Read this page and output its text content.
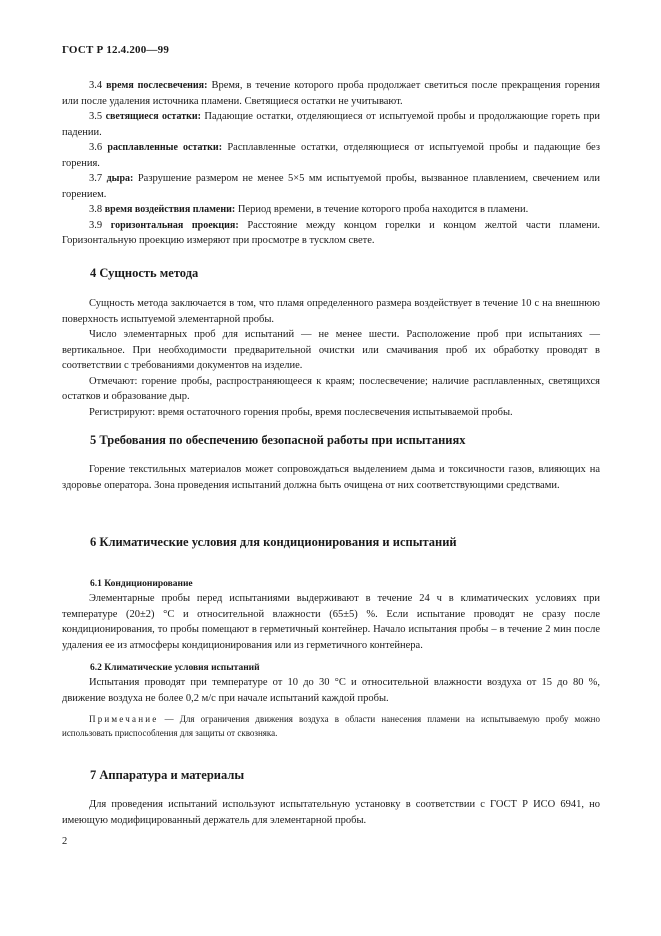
ГОСТ Р 12.4.200—99

3.4 время послесвечения: Время, в течение которого проба продолжает светиться после прекращения горения или после удаления источника пламени. Светящиеся остатки не учитывают.

3.5 светящиеся остатки: Падающие остатки, отделяющиеся от испытуемой пробы и продолжающие гореть при падении.

3.6 расплавленные остатки: Расплавленные остатки, отделяющиеся от испытуемой пробы и падающие без горения.

3.7 дыра: Разрушение размером не менее 5×5 мм испытуемой пробы, вызванное плавлением, свечением или горением.

3.8 время воздействия пламени: Период времени, в течение которого проба находится в пламени.

3.9 горизонтальная проекция: Расстояние между концом горелки и концом желтой части пламени. Горизонтальную проекцию измеряют при просмотре в тусклом свете.

4 Сущность метода

Сущность метода заключается в том, что пламя определенного размера воздействует в течение 10 с на внешнюю поверхность испытуемой элементарной пробы.

Число элементарных проб для испытаний — не менее шести. Расположение проб при испытаниях — вертикальное. При необходимости предварительной очистки или смачивания проб их обработку проводят в соответствии с требованиями документов на изделие.

Отмечают: горение пробы, распространяющееся к краям; послесвечение; наличие расплавленных, светящихся остатков и образование дыр.

Регистрируют: время остаточного горения пробы, время послесвечения испытываемой пробы.

5 Требования по обеспечению безопасной работы при испытаниях

Горение текстильных материалов может сопровождаться выделением дыма и токсичности газов, влияющих на здоровье оператора. Зона проведения испытаний должна быть очищена от них соответствующими средствами.

6 Климатические условия для кондиционирования и испытаний
6.1 Кондиционирование

Элементарные пробы перед испытаниями выдерживают в течение 24 ч в климатических условиях при температуре (20±2) °С и относительной влажности (65±5) %. Если испытание проводят не сразу после кондиционирования, то пробы помещают в герметичный контейнер. Начало испытания пробы – в течение 2 мин после удаления ее из атмосферы кондиционирования или из герметичного контейнера.

6.2 Климатические условия испытаний

Испытания проводят при температуре от 10 до 30 °С и относительной влажности воздуха от 15 до 80 %, движение воздуха не более 0,2 м/с при начале испытаний каждой пробы.

Примечание — Для ограничения движения воздуха в области нанесения пламени на испытываемую пробу можно использовать приспособления для защиты от сквозняка.
7 Аппаратура и материалы

Для проведения испытаний используют испытательную установку в соответствии с ГОСТ Р ИСО 6941, но имеющую модифицированный держатель для элементарной пробы.

2
